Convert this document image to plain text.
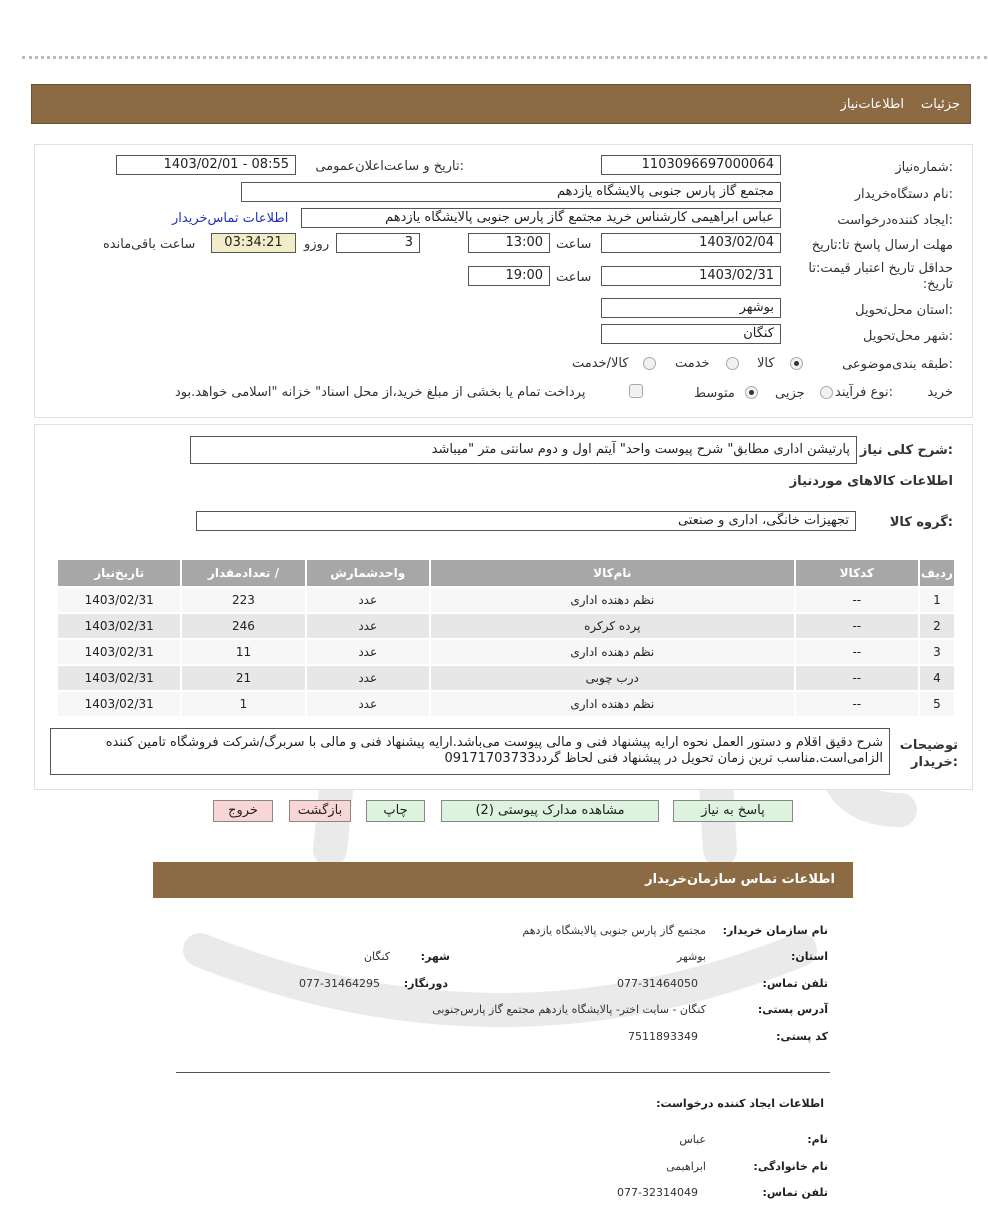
جزئیات
اطلاعات‌نیاز
شماره‌نیاز:
1103096697000064
تاریخ و ساعت‌اعلان‌عمومی:
1403/02/01 - 08:55
نام دستگاه‌خریدار:
مجتمع گاز پارس جنوبی پالایشگاه یازدهم
ایجاد کننده‌درخواست:
عباس ابراهیمی کارشناس خرید مجتمع گاز پارس جنوبی پالایشگاه یازدهم
اطلاعات تماس‌خریدار
مهلت ارسال پاسخ تا:تاریخ
1403/02/04
ساعت
13:00
3
روزو
03:34:21
ساعت باقی‌مانده
حداقل تاریخ اعتبار قیمت:تا
تاریخ:
1403/02/31
ساعت
19:00
استان محل‌تحویل:
بوشهر
شهر محل‌تحویل:
کنگان
طبقه بندی‌موضوعی:
کالا
خدمت
کالا/خدمت
نوع فرآیند:	خرید
جزیی
متوسط
پرداخت تمام یا بخشی از مبلغ خرید،از محل اسناد" خزانه "اسلامی خواهد.بود
شرح کلی نیاز:
پارتیشن اداری مطابق" شرح پیوست واحد" آیتم اول و دوم سانتی متر "میباشد
اطلاعات کالاهای موردنیاز
گروه کالا:
تجهیزات خانگی، اداری و صنعتی
ردیف	کدکالا	نام‌کالا	واحدشمارش	/ تعدادمقدار	تاریخ‌نیاز
1	--	نظم دهنده اداری	عدد	223	1403/02/31
2	--	پرده کرکره	عدد	246	1403/02/31
3	--	نظم دهنده اداری	عدد	11	1403/02/31
4	--	درب چوبی	عدد	21	1403/02/31
5	--	نظم دهنده اداری	عدد	1	1403/02/31
توضیحات
خریدار:
شرح دقیق اقلام و دستور العمل نحوه ارایه پیشنهاد فنی و مالی پیوست می‌باشد.ارایه پیشنهاد فنی و مالی با سربرگ/شرکت فروشگاه تامین کننده الزامی‌است.مناسب ترین زمان تحویل در پیشنهاد فنی لحاظ گردد09171703733
پاسخ به نیاز
مشاهده مدارک پیوستی (2)
چاپ
بازگشت
خروج
اطلاعات تماس سازمان‌خریدار
نام سازمان خریدار:
مجتمع گاز پارس جنوبی پالایشگاه یازدهم
استان:
بوشهر
شهر:
کنگان
تلفن تماس:
077-31464050
دورنگار:
077-31464295
آدرس پستی:
کنگان - سایت اختر- پالایشگاه یازدهم مجتمع گاز پارس‌جنوبی
کد پستی:
7511893349
اطلاعات ایجاد کننده درخواست:
نام:
عباس
نام خانوادگی:
ابراهیمی
تلفن تماس:
077-32314049
